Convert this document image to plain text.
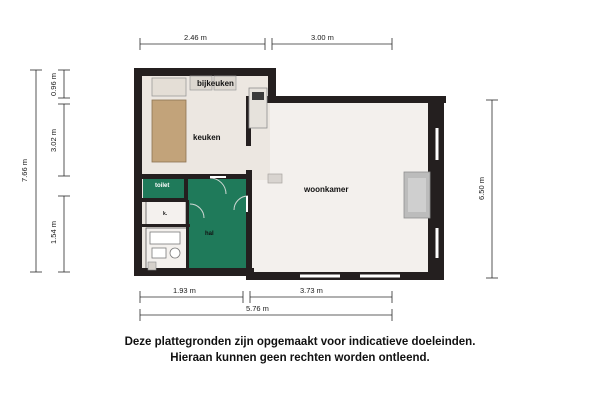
2.46 m	3.00 m
1.93 m	3.73 m
5.76 m
0.96 m
3.02 m
1.54 m
7.66 m
6.50 m
bijkeuken
keuken
woonkamer
toilet
hal
k.
Deze plattegronden zijn opgemaakt voor indicatieve doeleinden.
Hieraan kunnen geen rechten worden ontleend.
